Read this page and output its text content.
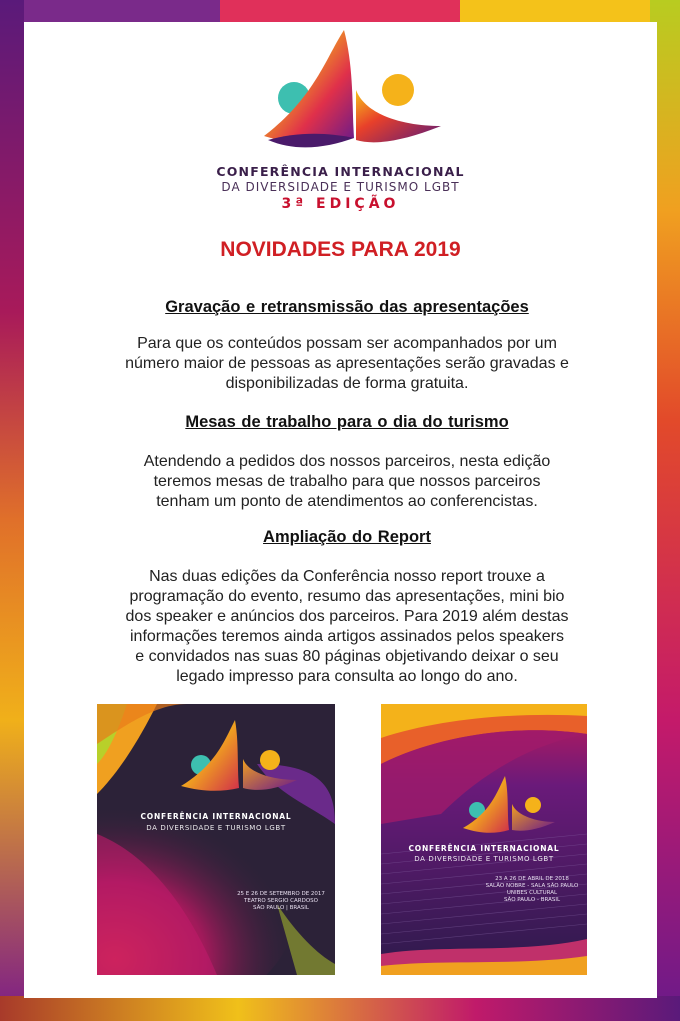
CONFERÊNCIA INTERNACIONAL
DA DIVERSIDADE E TURISMO LGBT
3ª EDIÇÃO
NOVIDADES PARA 2019
Gravação e retransmissão das apresentações
Para que os conteúdos possam ser acompanhados por um
número maior de pessoas as apresentações serão gravadas e
disponibilizadas de forma gratuita.
Mesas de trabalho para o dia do turismo
Atendendo a pedidos dos nossos parceiros, nesta edição
teremos mesas de trabalho para que nossos parceiros
tenham um ponto de atendimentos ao conferencistas.
Ampliação do Report
Nas duas edições da Conferência nosso report trouxe a
programação do evento, resumo das apresentações, mini bio
dos speaker e anúncios dos parceiros. Para 2019 além destas
informações teremos ainda artigos assinados pelos speakers
e convidados nas suas 80 páginas objetivando deixar o seu
legado impresso para consulta ao longo do ano.
CONFERÊNCIA INTERNACIONAL
DA DIVERSIDADE E TURISMO LGBT
25 E 26 DE SETEMBRO DE 2017
TEATRO SERGIO CARDOSO
SÃO PAULO | BRASIL
CONFERÊNCIA INTERNACIONAL
DA DIVERSIDADE E TURISMO LGBT
23 A 26 DE ABRIL DE 2018
SALÃO NOBRE - SALA SÃO PAULO
UNIBES CULTURAL
SÃO PAULO - BRASIL
